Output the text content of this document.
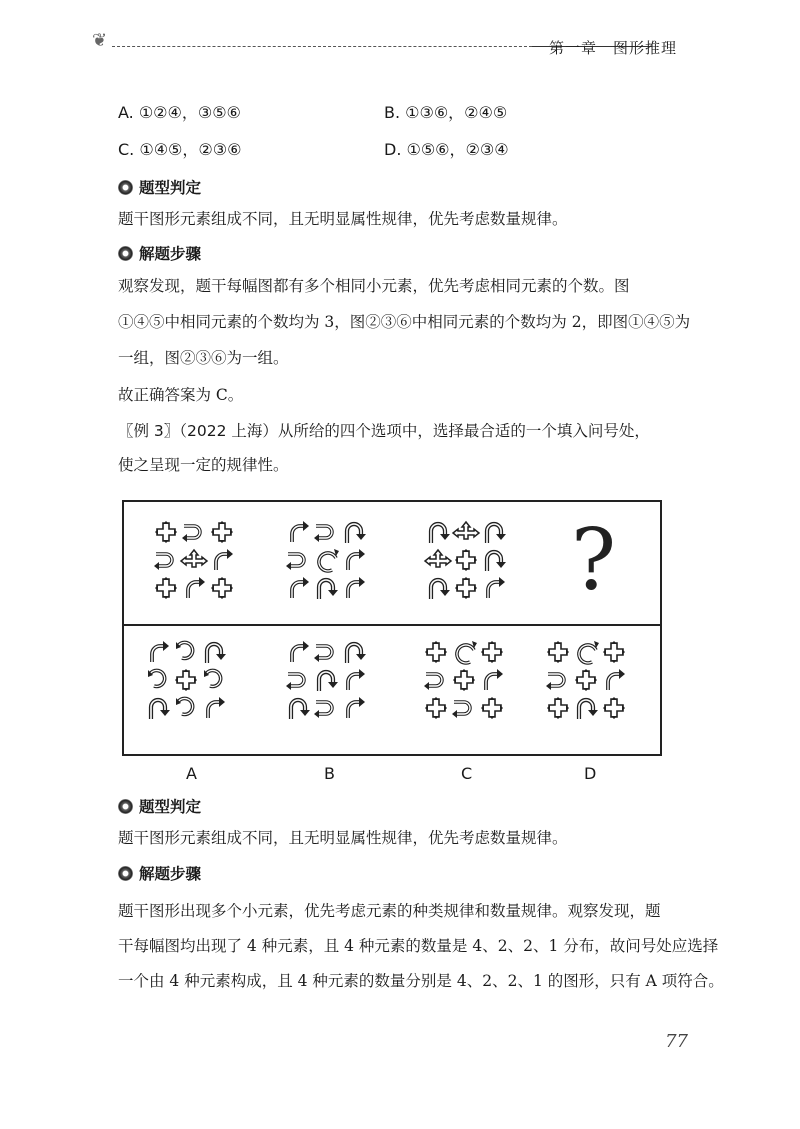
❦	第一章　图形推理
A. ①②④，③⑤⑥	B. ①③⑥，②④⑤
C. ①④⑤，②③⑥	D. ①⑤⑥，②③④
题型判定
题干图形元素组成不同，且无明显属性规律，优先考虑数量规律。
解题步骤
观察发现，题干每幅图都有多个相同小元素，优先考虑相同元素的个数。图
①④⑤中相同元素的个数均为 3，图②③⑥中相同元素的个数均为 2，即图①④⑤为
一组，图②③⑥为一组。
故正确答案为 C。
〖例 3〗（2022 上海）从所给的四个选项中，选择最合适的一个填入问号处，
使之呈现一定的规律性。
?
A	B	C	D
题型判定
题干图形元素组成不同，且无明显属性规律，优先考虑数量规律。
解题步骤
题干图形出现多个小元素，优先考虑元素的种类规律和数量规律。观察发现，题
干每幅图均出现了 4 种元素，且 4 种元素的数量是 4、2、2、1 分布，故问号处应选择
一个由 4 种元素构成，且 4 种元素的数量分别是 4、2、2、1 的图形，只有 A 项符合。
77
